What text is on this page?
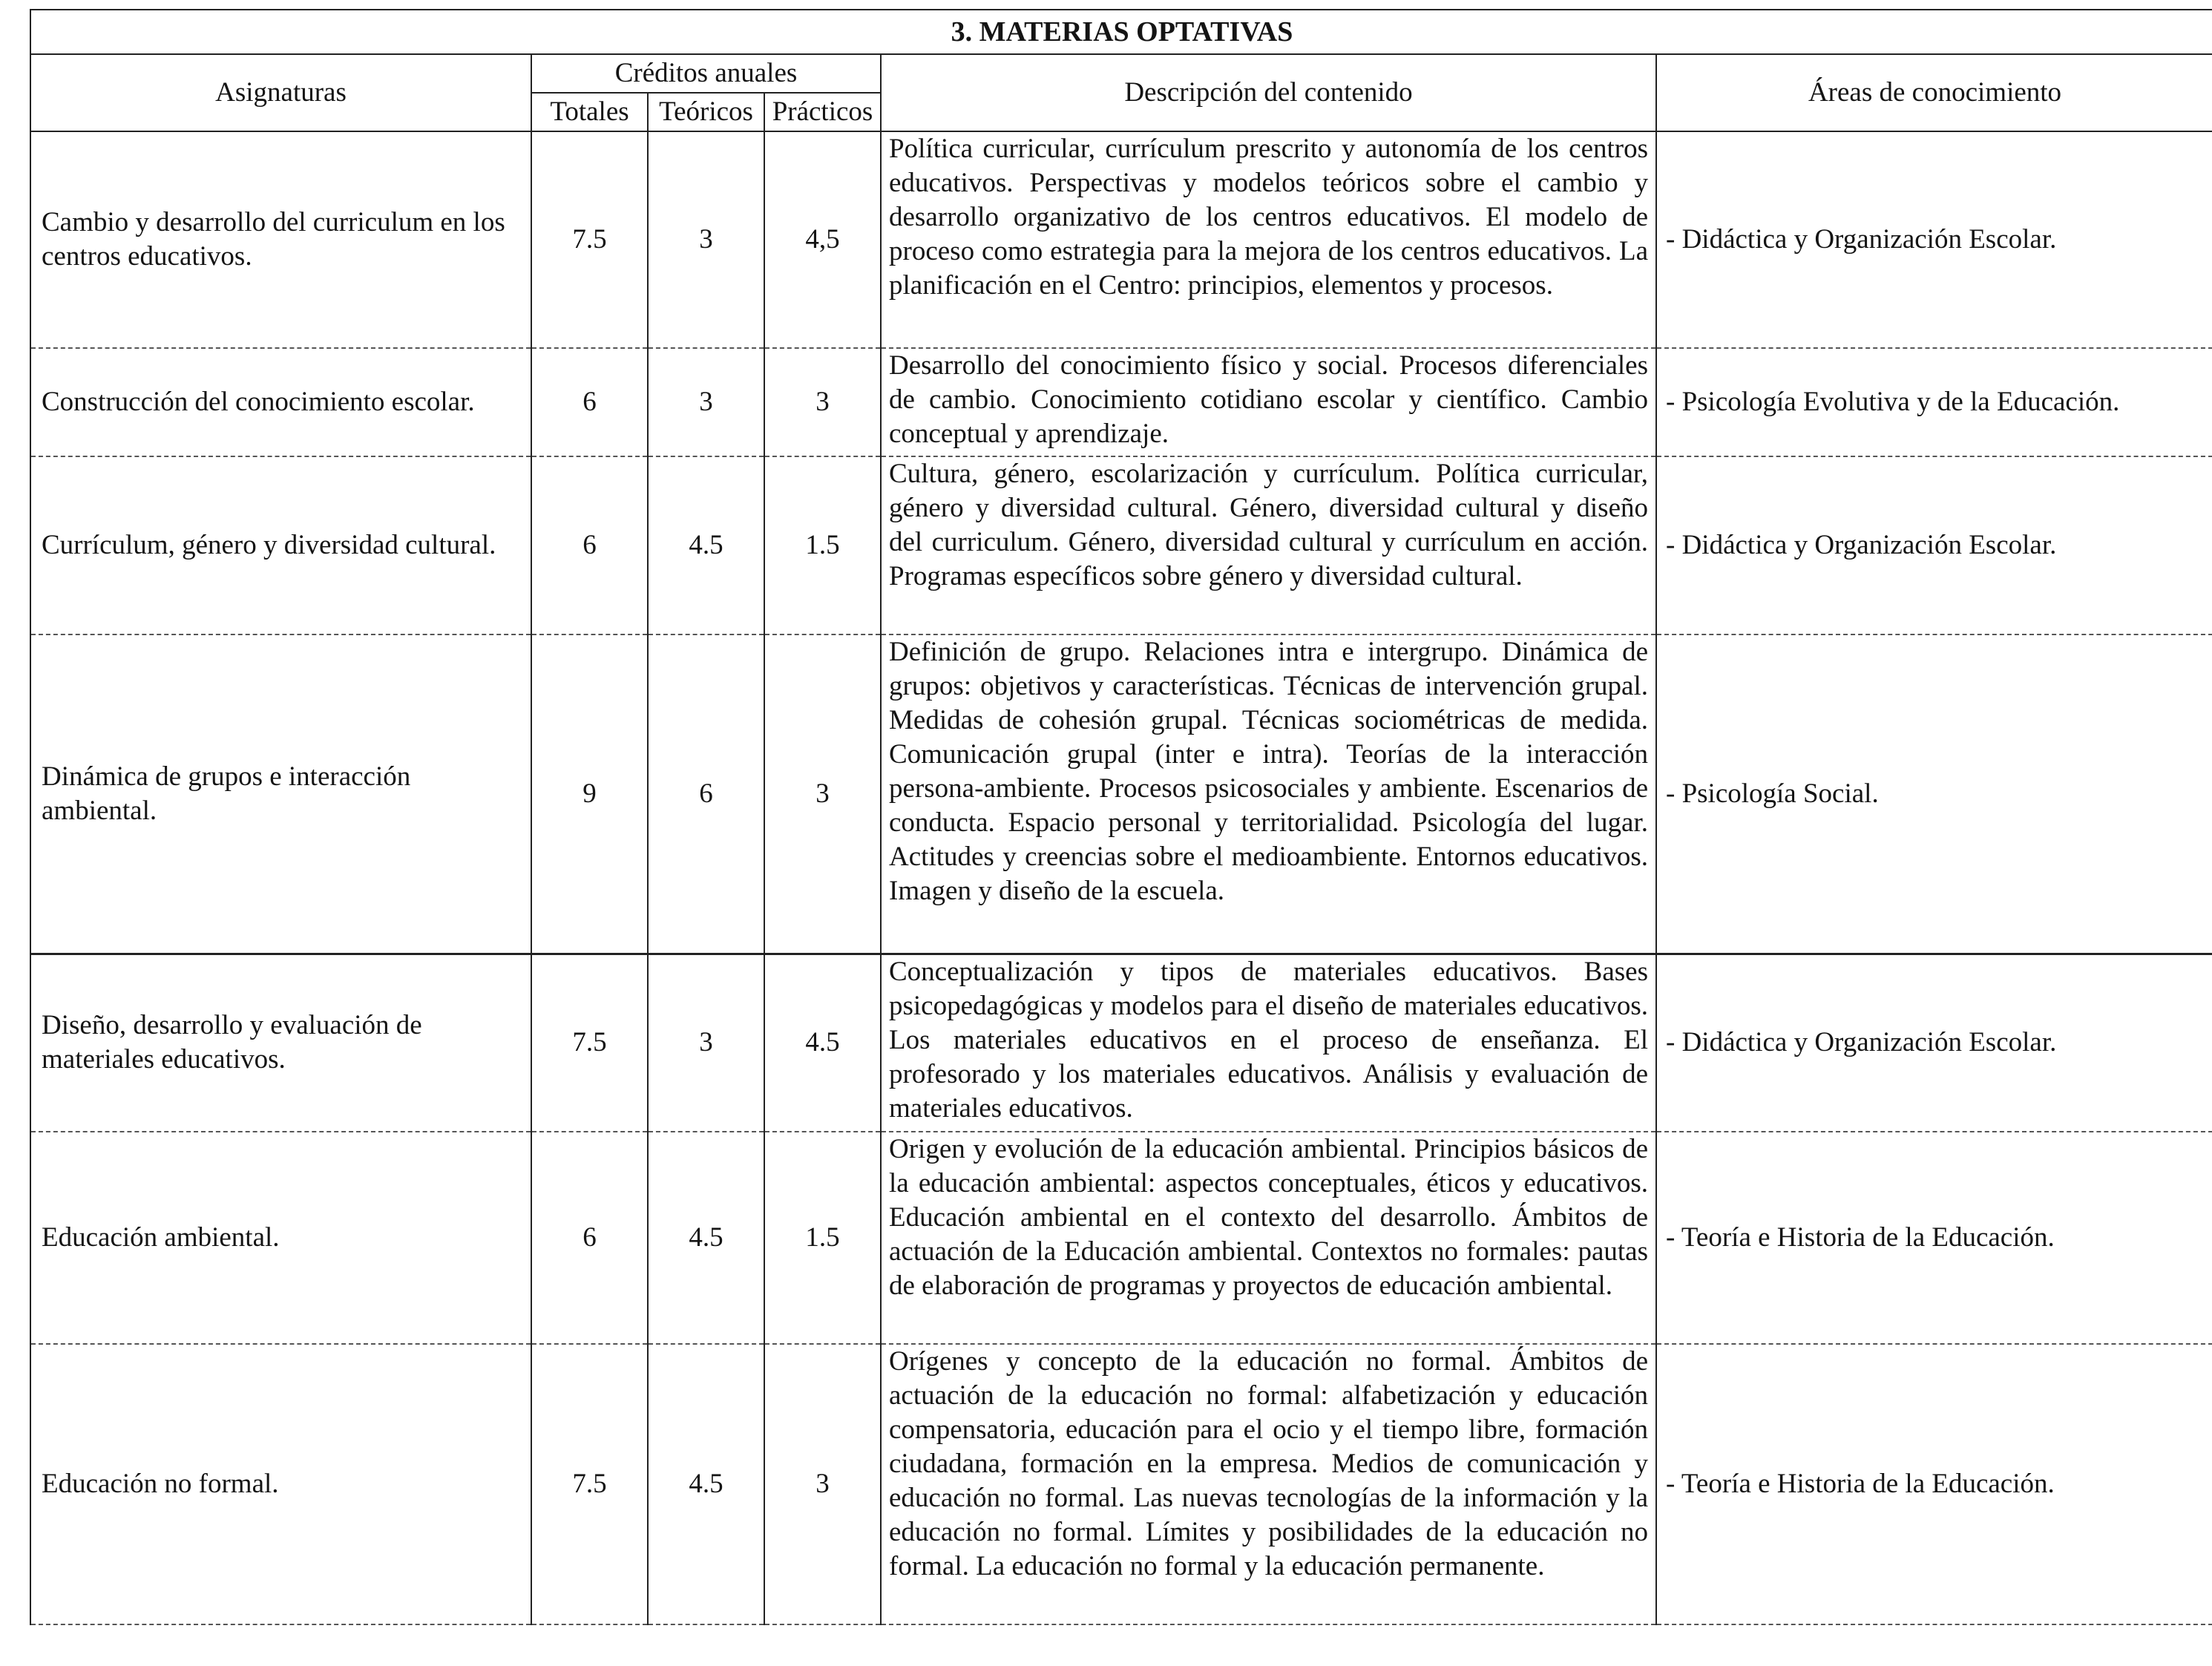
3. MATERIAS OPTATIVAS					
Asignaturas	Créditos anuales			Descripción del contenido	Áreas de conocimiento
	Totales	Teóricos	Prácticos		
Cambio y desarrollo del curriculum en los centros educativos.	7.5	3	4,5	Política curricular, currículum prescrito y autonomía de los centros educativos. Perspectivas y modelos teóricos sobre el cambio y desarrollo organizativo de los centros educativos. El modelo de proceso como estrategia para la mejora de los centros educativos. La planificación en el Centro: principios, elementos y procesos.	- Didáctica y Organización Escolar.
Construcción del conocimiento escolar.	6	3	3	Desarrollo del conocimiento físico y social. Procesos diferenciales de cambio. Conocimiento cotidiano escolar y científico. Cambio conceptual y aprendizaje.	- Psicología Evolutiva y de la Educación.
Currículum, género y diversidad cultural.	6	4.5	1.5	Cultura, género, escolarización y currículum. Política curricular, género y diversidad cultural. Género, diversidad cultural y diseño del curriculum. Género, diversidad cultural y currículum en acción. Programas específicos sobre género y diversidad cultural.	- Didáctica y Organización Escolar.
Dinámica de grupos e interacción ambiental.	9	6	3	Definición de grupo. Relaciones intra e intergrupo. Dinámica de grupos: objetivos y características. Técnicas de intervención grupal. Medidas de cohesión grupal. Técnicas sociométricas de medida. Comunicación grupal (inter e intra). Teorías de la interacción persona-ambiente. Procesos psicosociales y ambiente. Escenarios de conducta. Espacio personal y territorialidad. Psicología del lugar. Actitudes y creencias sobre el medioambiente. Entornos educativos. Imagen y diseño de la escuela.	- Psicología Social.
Diseño, desarrollo y evaluación de materiales educativos.	7.5	3	4.5	Conceptualización y tipos de materiales educativos. Bases psicopedagógicas y modelos para el diseño de materiales educativos. Los materiales educativos en el proceso de enseñanza. El profesorado y los materiales educativos. Análisis y evaluación de materiales educativos.	- Didáctica y Organización Escolar.
Educación ambiental.	6	4.5	1.5	Origen y evolución de la educación ambiental. Principios básicos de la educación ambiental: aspectos conceptuales, éticos y educativos. Educación ambiental en el contexto del desarrollo. Ámbitos de actuación de la Educación ambiental. Contextos no formales: pautas de elaboración de programas y proyectos de educación ambiental.	- Teoría e Historia de la Educación.
Educación no formal.	7.5	4.5	3	Orígenes y concepto de la educación no formal. Ámbitos de actuación de la educación no formal: alfabetización y educación compensatoria, educación para el ocio y el tiempo libre, formación ciudadana, formación en la empresa. Medios de comunicación y educación no formal. Las nuevas tecnologías de la información y la educación no formal. Límites y posibilidades de la educación no formal. La educación no formal y la educación permanente.	- Teoría e Historia de la Educación.
